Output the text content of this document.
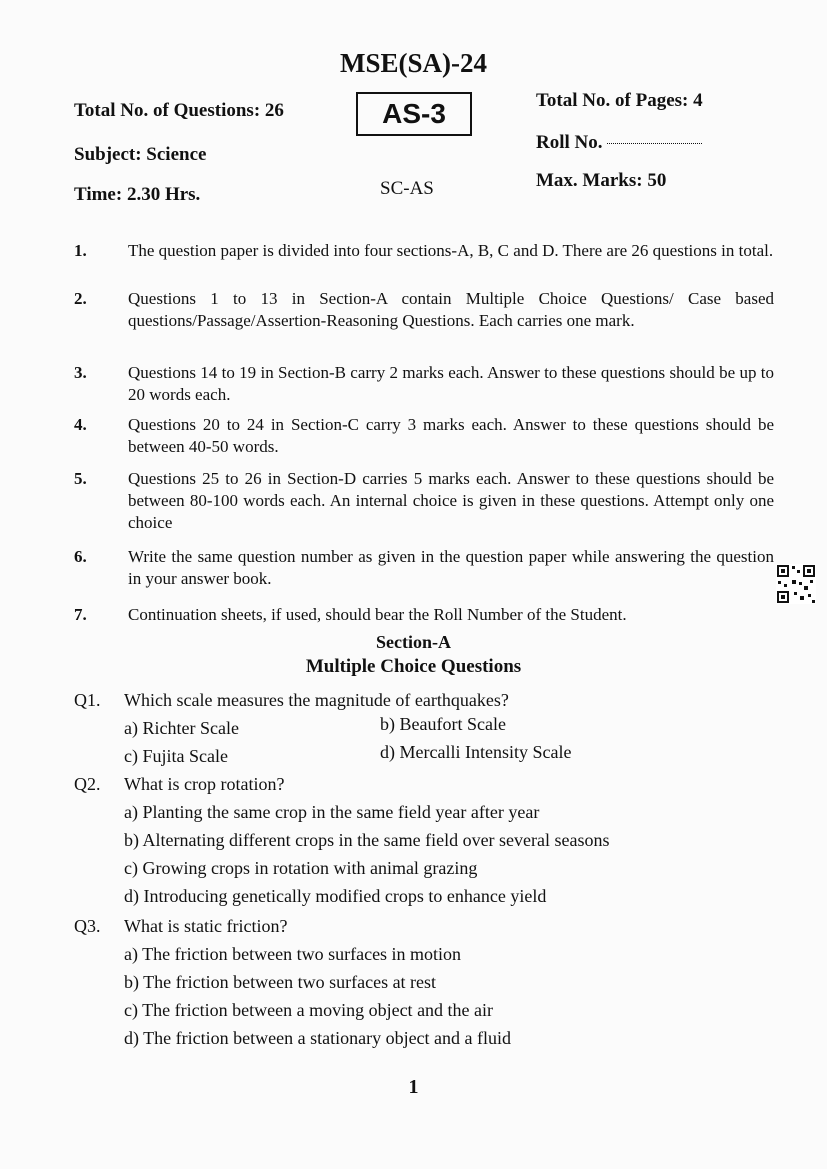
MSE(SA)-24
Total No. of Questions: 26	AS-3	Total No. of Pages: 4
Roll No.
Subject: Science
Time: 2.30 Hrs.	SC-AS	Max. Marks: 50
1. The question paper is divided into four sections-A, B, C and D. There are 26 questions in total.
2. Questions 1 to 13 in Section-A contain Multiple Choice Questions/ Case based questions/Passage/Assertion-Reasoning Questions. Each carries one mark.
3. Questions 14 to 19 in Section-B carry 2 marks each. Answer to these questions should be up to 20 words each.
4. Questions 20 to 24 in Section-C carry 3 marks each. Answer to these questions should be between 40-50 words.
5. Questions 25 to 26 in Section-D carries 5 marks each. Answer to these questions should be between 80-100 words each. An internal choice is given in these questions. Attempt only one choice
6. Write the same question number as given in the question paper while answering the question in your answer book.
7. Continuation sheets, if used, should bear the Roll Number of the Student.
Section-A
Multiple Choice Questions
Q1. Which scale measures the magnitude of earthquakes?
a) Richter Scale	b) Beaufort Scale
c) Fujita Scale	d) Mercalli Intensity Scale
Q2. What is crop rotation?
a) Planting the same crop in the same field year after year
b) Alternating different crops in the same field over several seasons
c) Growing crops in rotation with animal grazing
d) Introducing genetically modified crops to enhance yield
Q3. What is static friction?
a) The friction between two surfaces in motion
b) The friction between two surfaces at rest
c) The friction between a moving object and the air
d) The friction between a stationary object and a fluid
1
